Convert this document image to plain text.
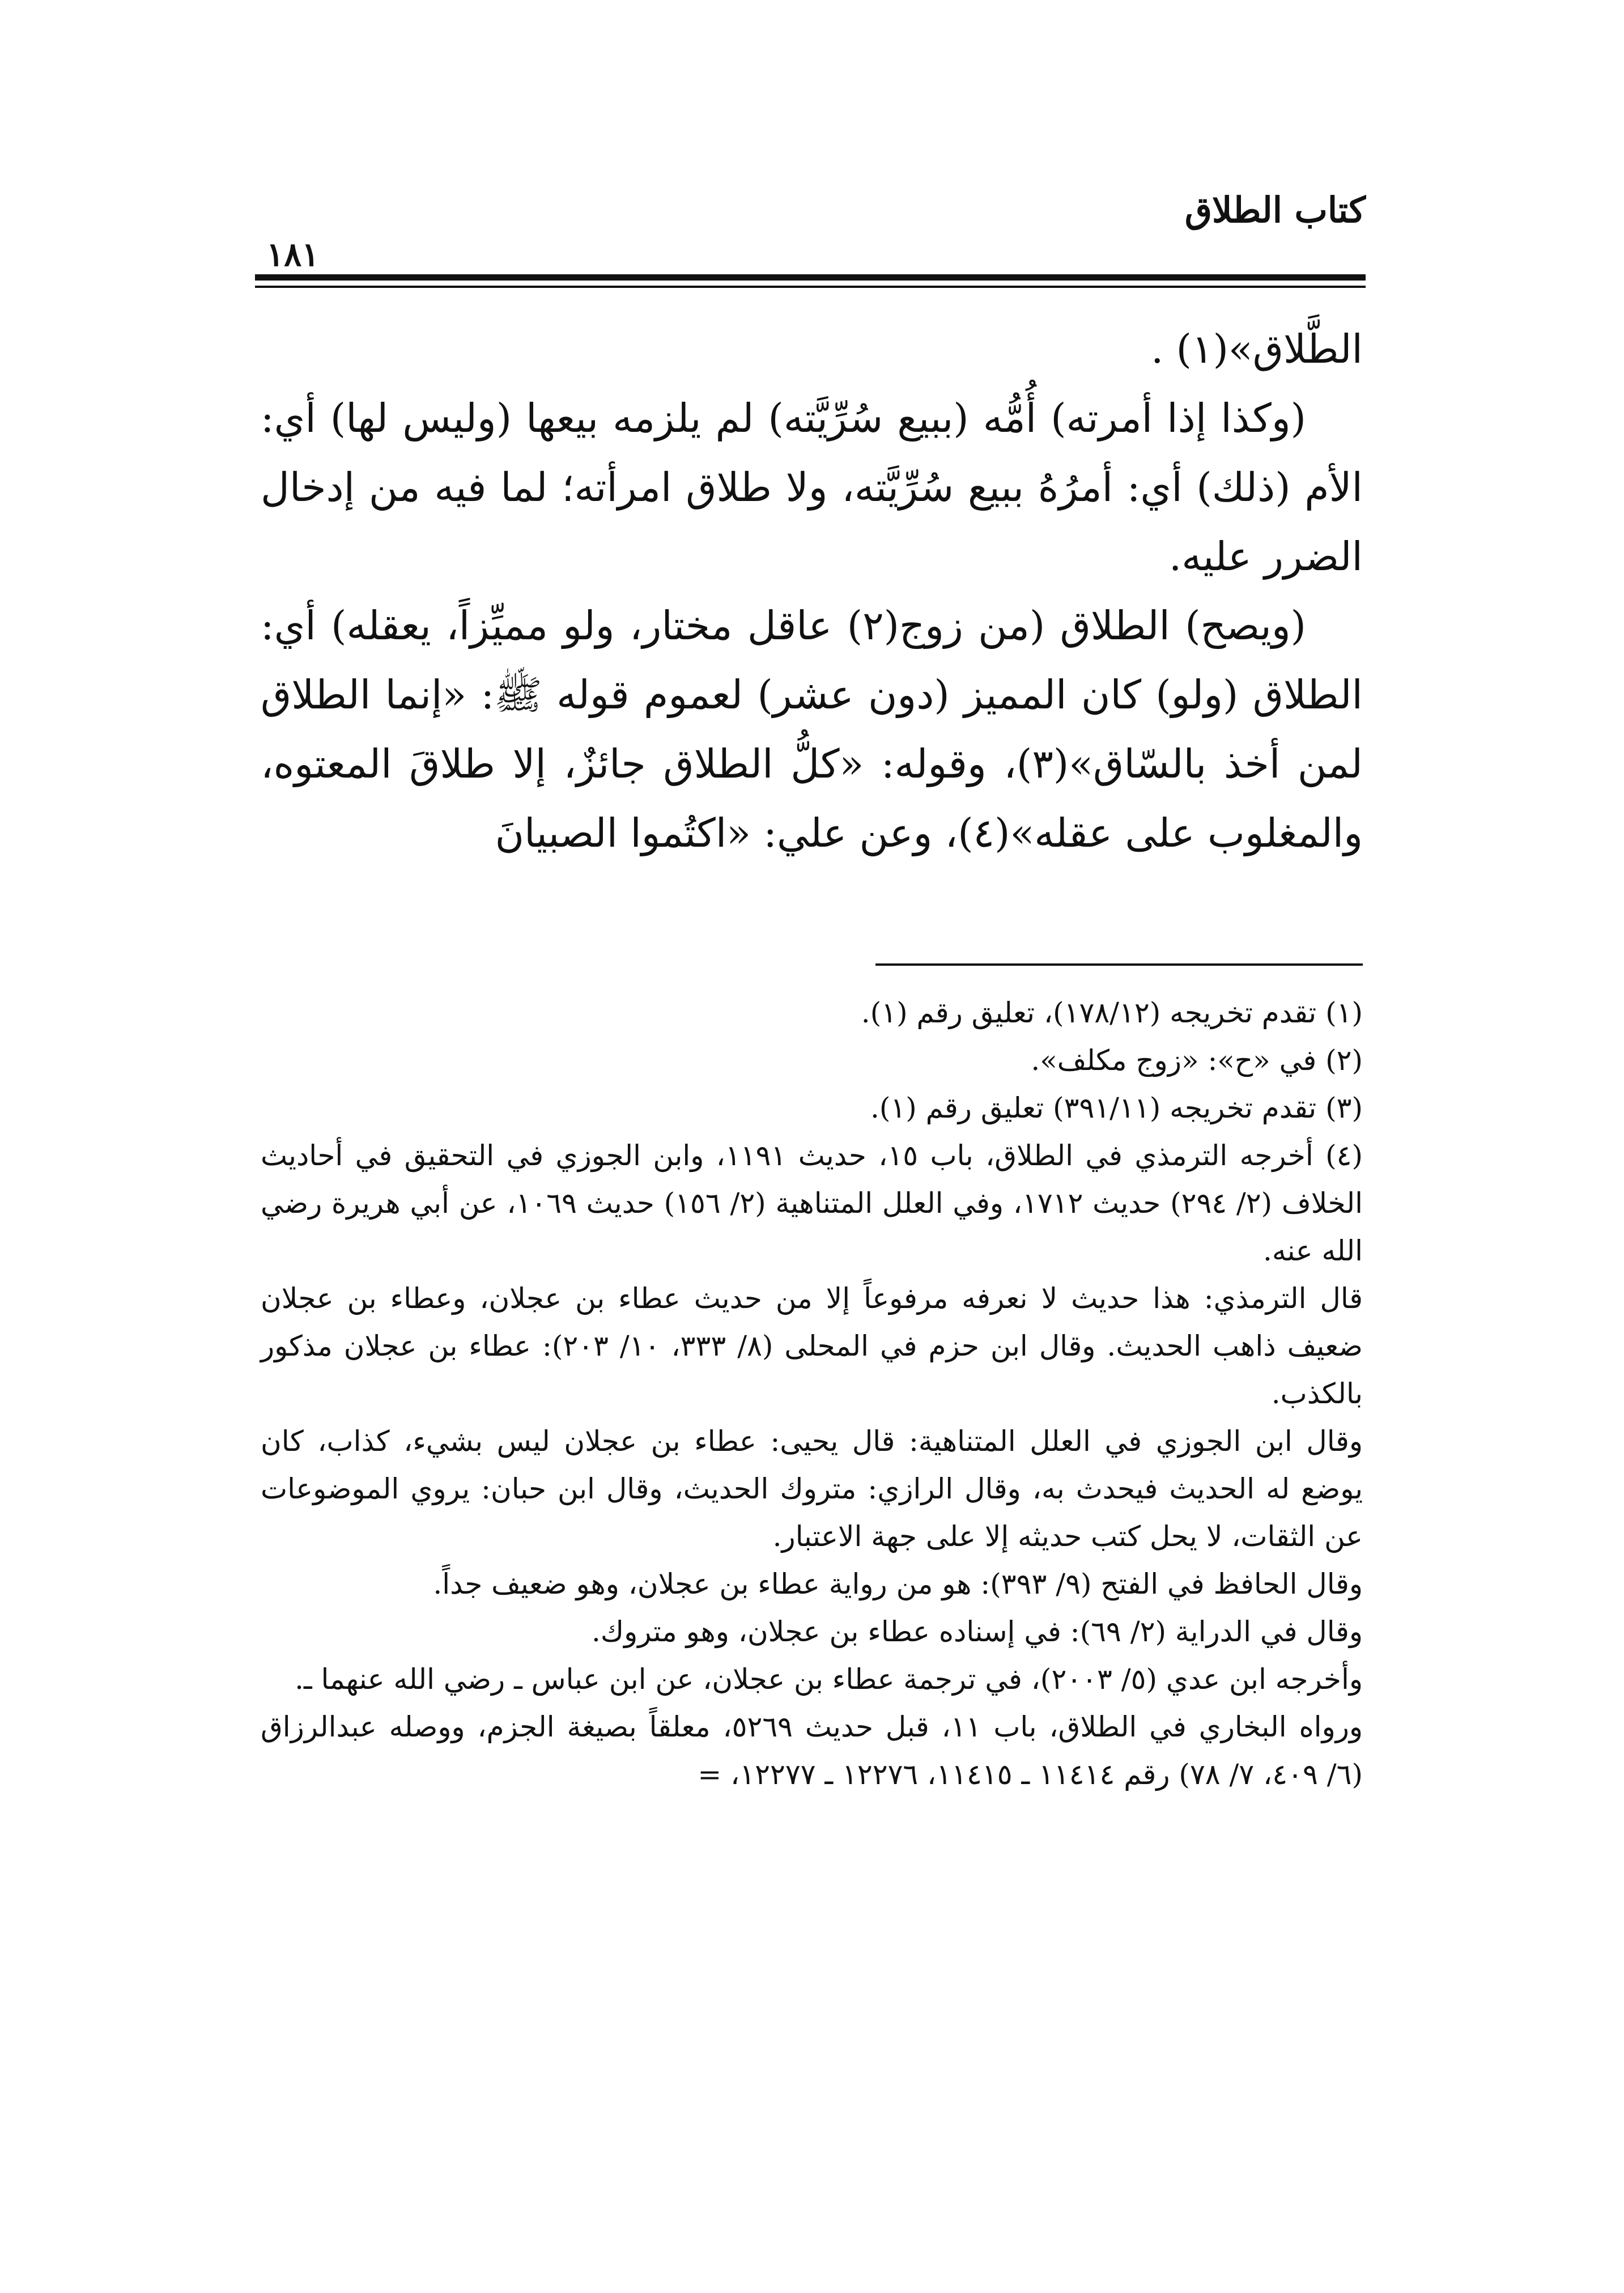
كتاب الطلاق
١٨١

الطَّلاق»(١) .

(وكذا إذا أمرته) أُمُّه (ببيع سُرِّيَّته) لم يلزمه بيعها (وليس لها) أي: الأم (ذلك) أي: أمرُهُ ببيع سُرِّيَّته، ولا طلاق امرأته؛ لما فيه من إدخال الضرر عليه.

(ويصح) الطلاق (من زوج(٢) عاقل مختار، ولو مميِّزاً، يعقله) أي: الطلاق (ولو) كان المميز (دون عشر) لعموم قوله ﷺ: «إنما الطلاق لمن أخذ بالسّاق»(٣)، وقوله: «كلُّ الطلاق جائزٌ، إلا طلاقَ المعتوه، والمغلوب على عقله»(٤)، وعن علي: «اكتُموا الصبيانَ

(١) تقدم تخريجه (١٧٨/١٢)، تعليق رقم (١).

(٢) في «ح»: «زوج مكلف».

(٣) تقدم تخريجه (٣٩١/١١) تعليق رقم (١).

(٤) أخرجه الترمذي في الطلاق، باب ١٥، حديث ١١٩١، وابن الجوزي في التحقيق في أحاديث الخلاف (٢/ ٢٩٤) حديث ١٧١٢، وفي العلل المتناهية (٢/ ١٥٦) حديث ١٠٦٩، عن أبي هريرة رضي الله عنه.

قال الترمذي: هذا حديث لا نعرفه مرفوعاً إلا من حديث عطاء بن عجلان، وعطاء بن عجلان ضعيف ذاهب الحديث. وقال ابن حزم في المحلى (٨/ ٣٣٣، ١٠/ ٢٠٣): عطاء بن عجلان مذكور بالكذب.

وقال ابن الجوزي في العلل المتناهية: قال يحيى: عطاء بن عجلان ليس بشيء، كذاب، كان يوضع له الحديث فيحدث به، وقال الرازي: متروك الحديث، وقال ابن حبان: يروي الموضوعات عن الثقات، لا يحل كتب حديثه إلا على جهة الاعتبار.

وقال الحافظ في الفتح (٩/ ٣٩٣): هو من رواية عطاء بن عجلان، وهو ضعيف جداً.

وقال في الدراية (٢/ ٦٩): في إسناده عطاء بن عجلان، وهو متروك.

وأخرجه ابن عدي (٥/ ٢٠٠٣)، في ترجمة عطاء بن عجلان، عن ابن عباس ـ رضي الله عنهما ـ.

ورواه البخاري في الطلاق، باب ١١، قبل حديث ٥٢٦٩، معلقاً بصيغة الجزم، ووصله عبدالرزاق (٦/ ٤٠٩، ٧/ ٧٨) رقم ١١٤١٤ ـ ١١٤١٥، ١٢٢٧٦ ـ ١٢٢٧٧، =
